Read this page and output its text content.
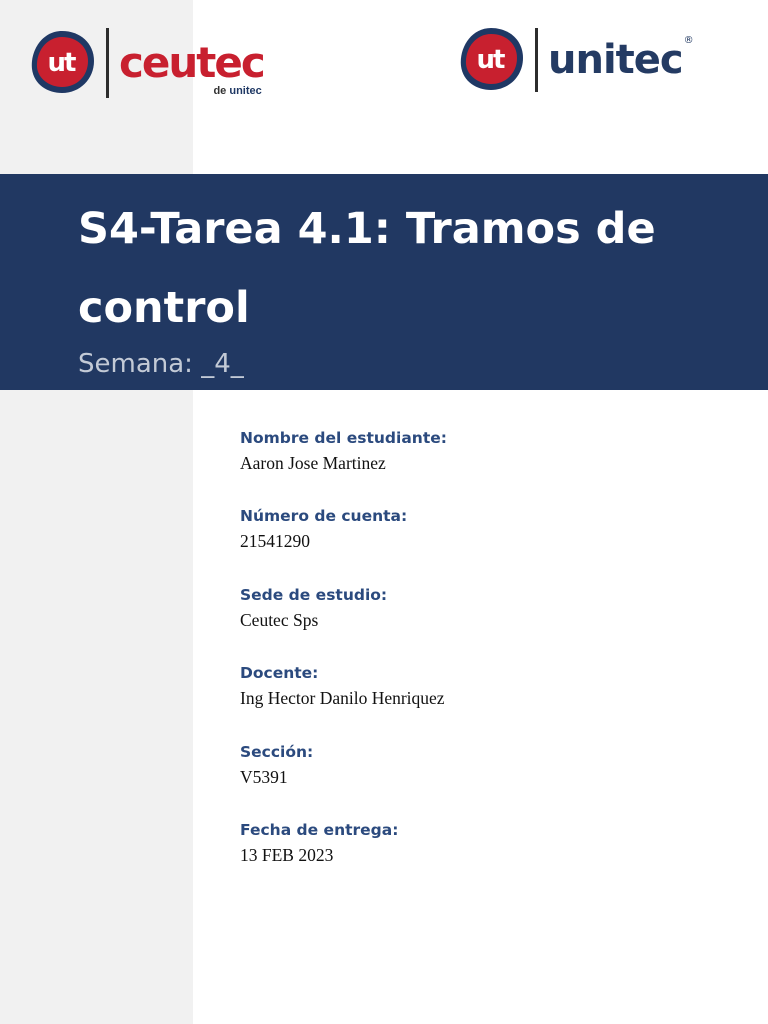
ut ceutec
de unitec
ut unitec ®
S4-Tarea 4.1: Tramos de control

Semana: _4_

Nombre del estudiante:
Aaron Jose Martinez
Número de cuenta:
21541290
Sede de estudio:
Ceutec Sps
Docente:
Ing Hector Danilo Henriquez
Sección:
V5391
Fecha de entrega:
13 FEB 2023
